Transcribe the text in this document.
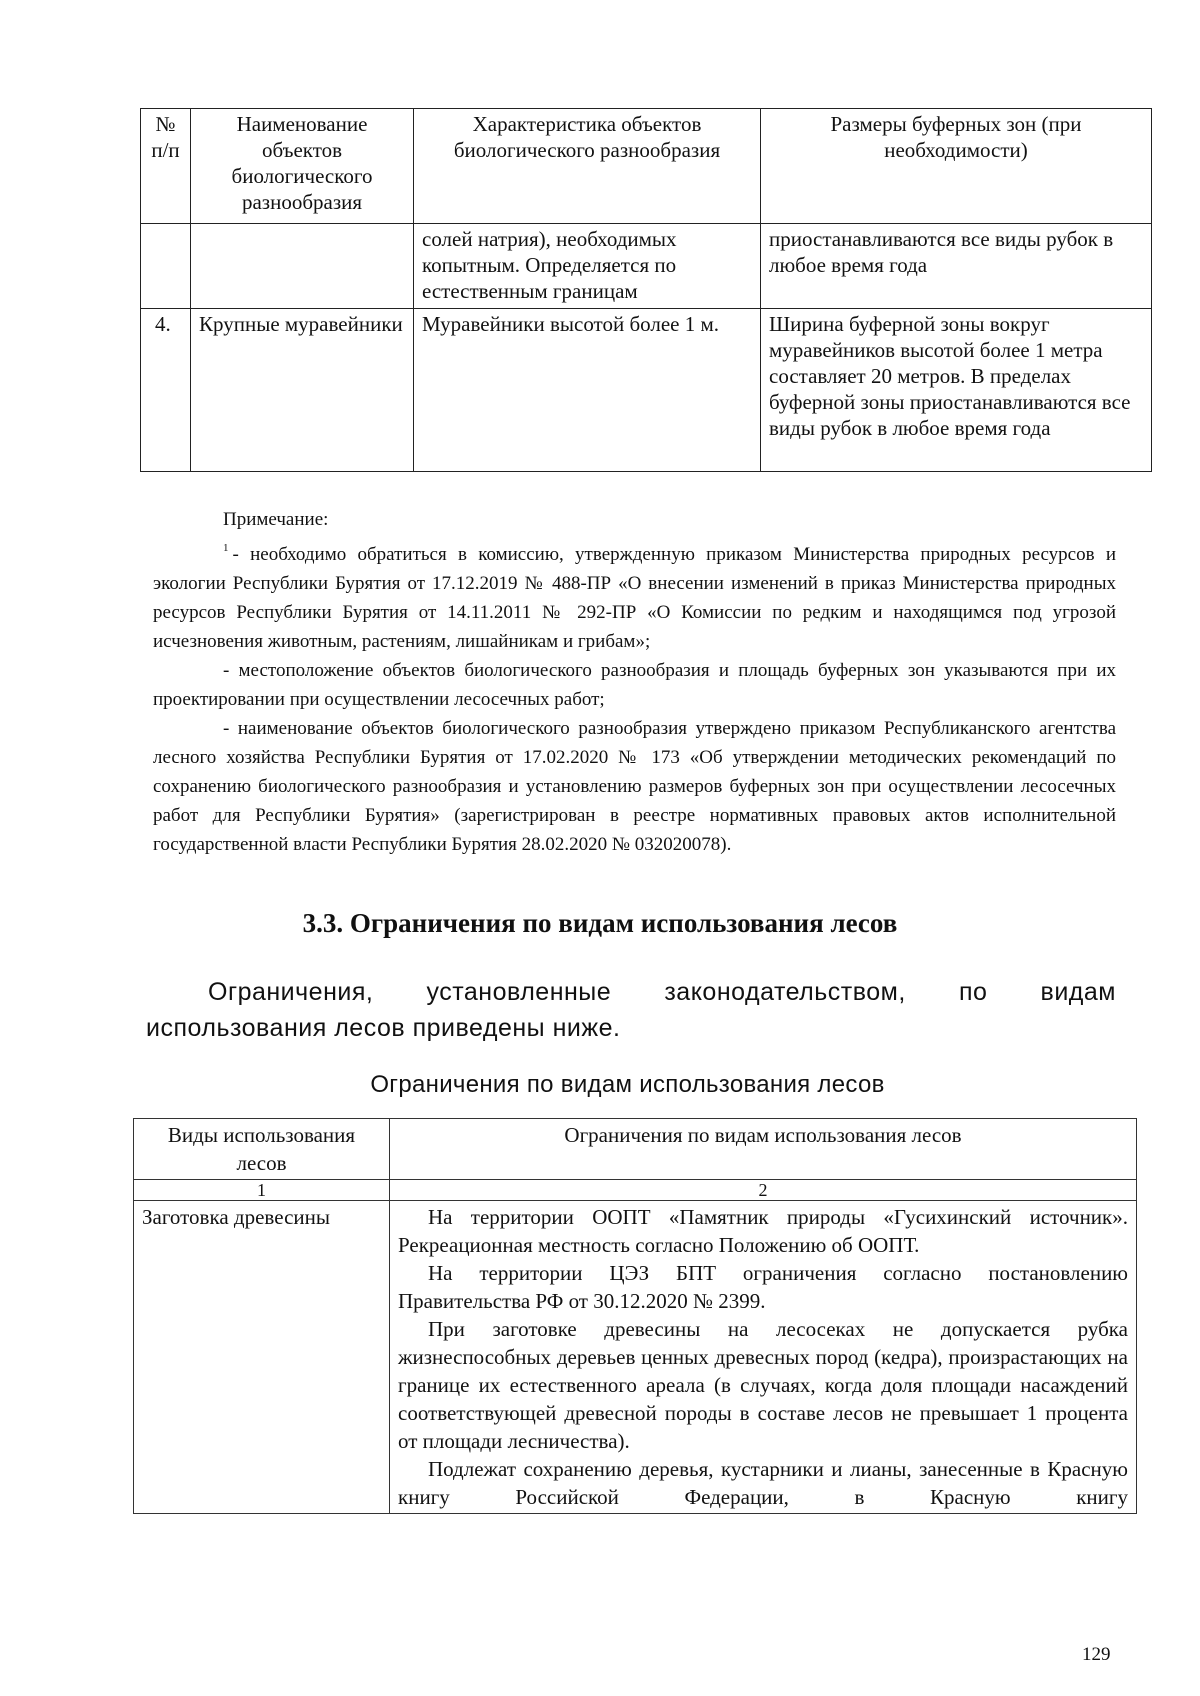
№ п/п	Наименование объектов биологического разнообразия	Характеристика объектов биологического разнообразия	Размеры буферных зон (при необходимости)
		солей натрия), необходимых копытным. Определяется по естественным границам	приостанавливаются все виды рубок в любое время года
4.	Крупные муравейники	Муравейники высотой более 1 м.	Ширина буферной зоны вокруг муравейников высотой более 1 метра составляет 20 метров. В пределах буферной зоны приостанавливаются все виды рубок в любое время года
Примечание:

$^1$ - необходимо обратиться в комиссию, утвержденную приказом Министерства природных ресурсов и экологии Республики Бурятия от 17.12.2019 № 488-ПР «О внесении изменений в приказ Министерства природных ресурсов Республики Бурятия от 14.11.2011 № 292-ПР «О Комиссии по редким и находящимся под угрозой исчезновения животным, растениям, лишайникам и грибам»;

- местоположение объектов биологического разнообразия и площадь буферных зон указываются при их проектировании при осуществлении лесосечных работ;

- наименование объектов биологического разнообразия утверждено приказом Республиканского агентства лесного хозяйства Республики Бурятия от 17.02.2020 № 173 «Об утверждении методических рекомендаций по сохранению биологического разнообразия и установлению размеров буферных зон при осуществлении лесосечных работ для Республики Бурятия» (зарегистрирован в реестре нормативных правовых актов исполнительной государственной власти Республики Бурятия 28.02.2020 № 032020078).

3.3. Ограничения по видам использования лесов

Ограничения, установленные законодательством, по видам использования лесов приведены ниже.

Ограничения по видам использования лесов
Виды использования лесов	Ограничения по видам использования лесов
1	2
Заготовка древесины	На территории ООПТ «Памятник природы «Гусихинский источник». Рекреационная местность согласно Положению об ООПТ.

На территории ЦЭЗ БПТ ограничения согласно постановлению Правительства РФ от 30.12.2020 № 2399.

При заготовке древесины на лесосеках не допускается рубка жизнеспособных деревьев ценных древесных пород (кедра), произрастающих на границе их естественного ареала (в случаях, когда доля площади насаждений соответствующей древесной породы в составе лесов не превышает 1 процента от площади лесничества).

Подлежат сохранению деревья, кустарники и лианы, занесенные в Красную книгу Российской Федерации, в Красную книгу

129
